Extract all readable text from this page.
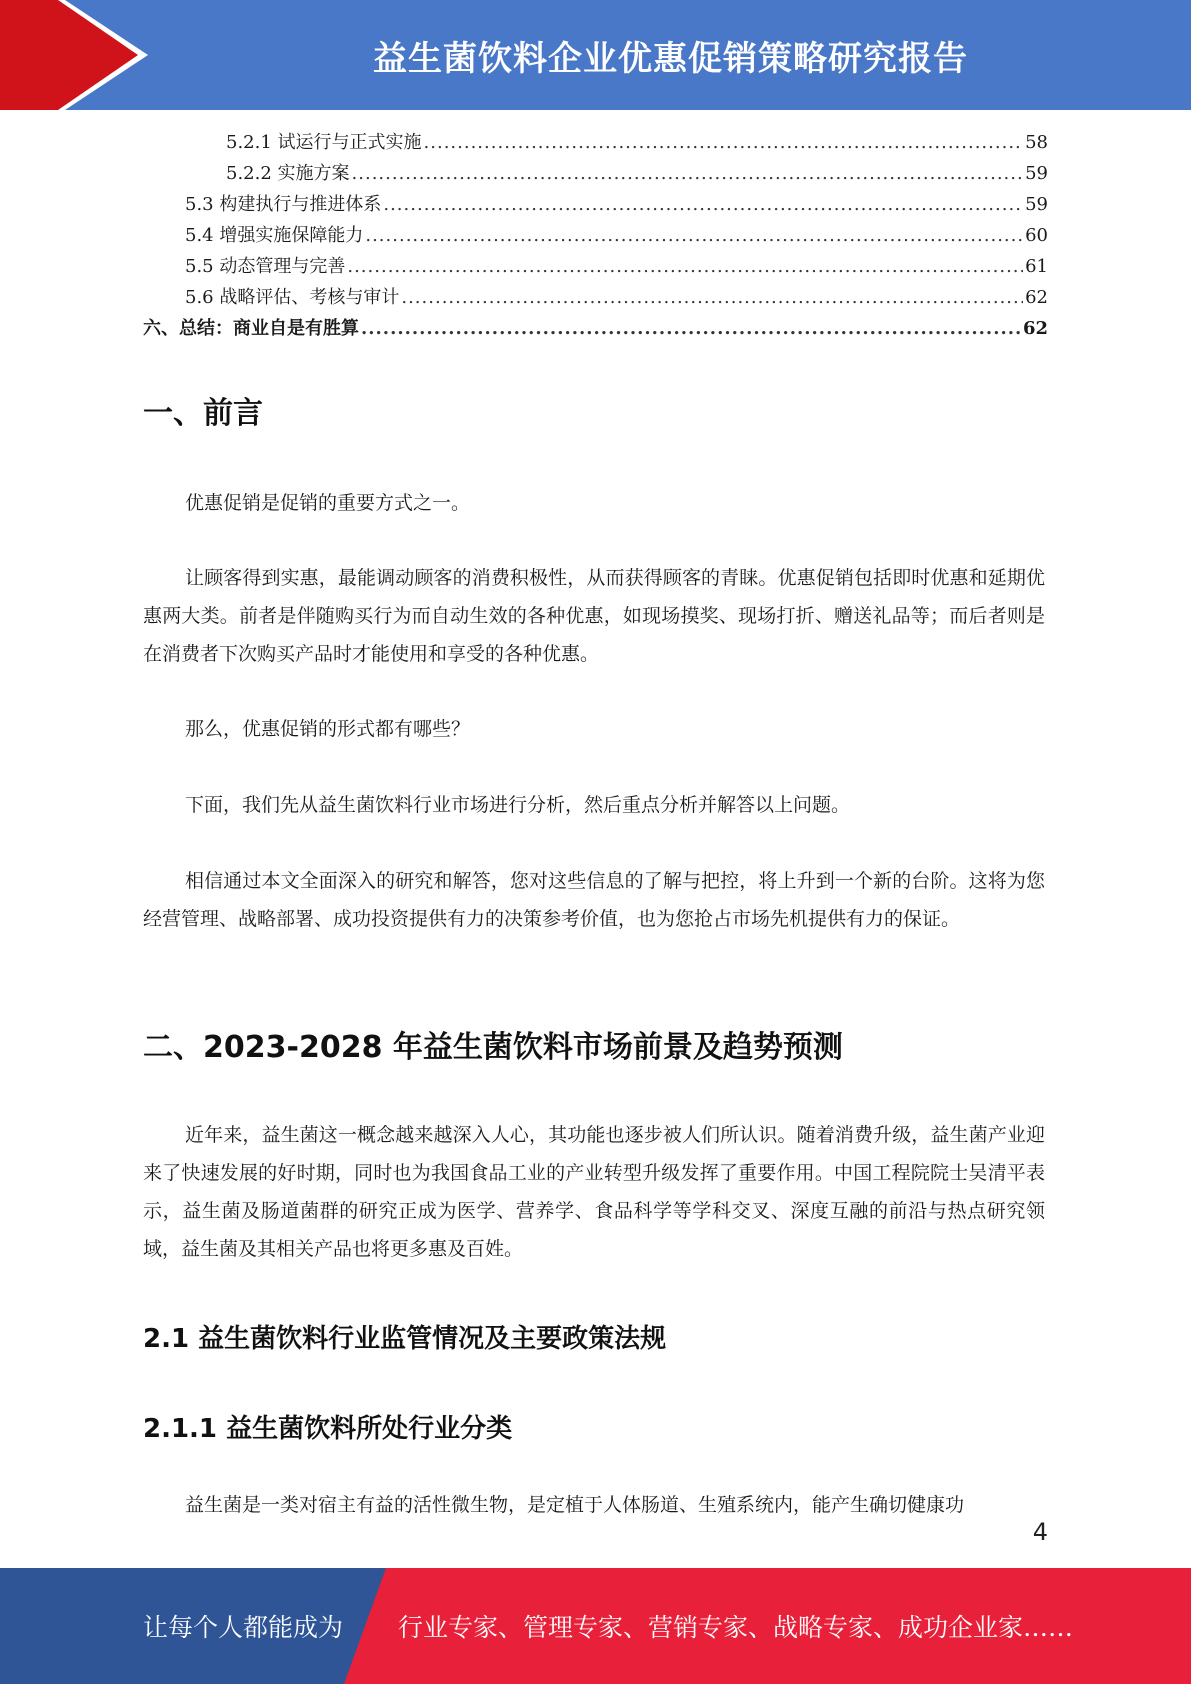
益生菌饮料企业优惠促销策略研究报告
5.2.1 试运行与正式实施 .....	58
5.2.2 实施方案 .....	59
5.3 构建执行与推进体系 .....	59
5.4 增强实施保障能力 .....	60
5.5 动态管理与完善 .....	61
5.6 战略评估、考核与审计 .....	62
六、总结：商业自是有胜算 .....	62
一、前言

优惠促销是促销的重要方式之一。

让顾客得到实惠，最能调动顾客的消费积极性，从而获得顾客的青睐。优惠促销包括即时优惠和延期优惠两大类。前者是伴随购买行为而自动生效的各种优惠，如现场摸奖、现场打折、赠送礼品等；而后者则是在消费者下次购买产品时才能使用和享受的各种优惠。

那么，优惠促销的形式都有哪些？

下面，我们先从益生菌饮料行业市场进行分析，然后重点分析并解答以上问题。

相信通过本文全面深入的研究和解答，您对这些信息的了解与把控，将上升到一个新的台阶。这将为您经营管理、战略部署、成功投资提供有力的决策参考价值，也为您抢占市场先机提供有力的保证。

二、2023-2028 年益生菌饮料市场前景及趋势预测

近年来，益生菌这一概念越来越深入人心，其功能也逐步被人们所认识。随着消费升级，益生菌产业迎来了快速发展的好时期，同时也为我国食品工业的产业转型升级发挥了重要作用。中国工程院院士吴清平表示，益生菌及肠道菌群的研究正成为医学、营养学、食品科学等学科交叉、深度互融的前沿与热点研究领域，益生菌及其相关产品也将更多惠及百姓。

2.1 益生菌饮料行业监管情况及主要政策法规
2.1.1 益生菌饮料所处行业分类

益生菌是一类对宿主有益的活性微生物，是定植于人体肠道、生殖系统内，能产生确切健康功

4
让每个人都能成为 行业专家、管理专家、营销专家、战略专家、成功企业家……
